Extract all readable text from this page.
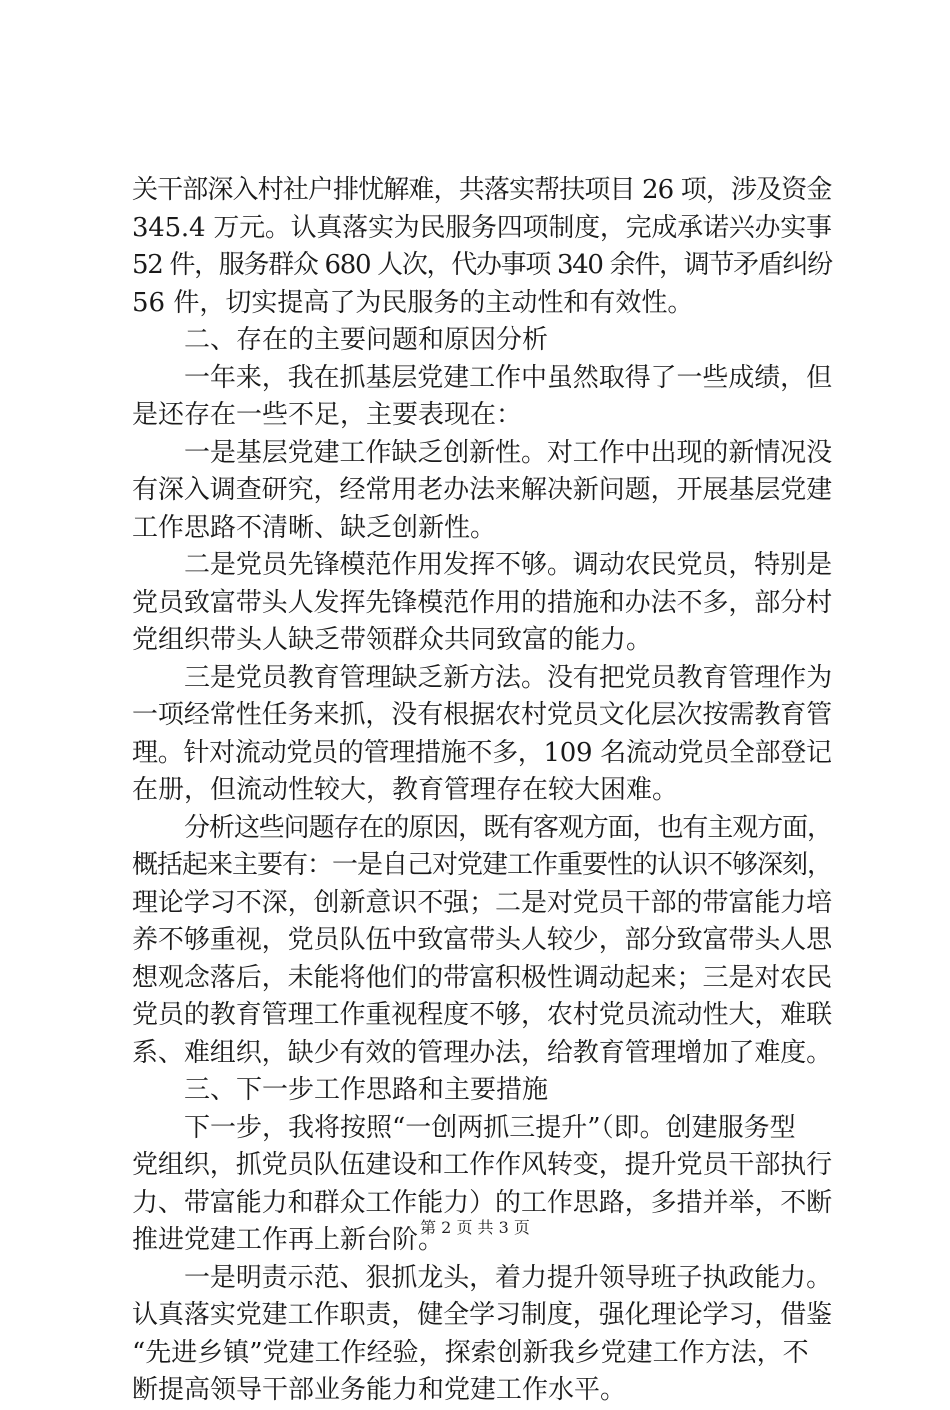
关干部深入村社户排忧解难，共落实帮扶项目 26 项，涉及资金
345.4 万元。认真落实为民服务四项制度，完成承诺兴办实事
52 件，服务群众 680 人次，代办事项 340 余件，调节矛盾纠纷
56 件，切实提高了为民服务的主动性和有效性。
二、存在的主要问题和原因分析
一年来，我在抓基层党建工作中虽然取得了一些成绩，但
是还存在一些不足，主要表现在：
一是基层党建工作缺乏创新性。对工作中出现的新情况没
有深入调查研究，经常用老办法来解决新问题，开展基层党建
工作思路不清晰、缺乏创新性。
二是党员先锋模范作用发挥不够。调动农民党员，特别是
党员致富带头人发挥先锋模范作用的措施和办法不多，部分村
党组织带头人缺乏带领群众共同致富的能力。
三是党员教育管理缺乏新方法。没有把党员教育管理作为
一项经常性任务来抓，没有根据农村党员文化层次按需教育管
理。针对流动党员的管理措施不多，109 名流动党员全部登记
在册，但流动性较大，教育管理存在较大困难。
分析这些问题存在的原因，既有客观方面，也有主观方面，
概括起来主要有：一是自己对党建工作重要性的认识不够深刻，
理论学习不深，创新意识不强；二是对党员干部的带富能力培
养不够重视，党员队伍中致富带头人较少，部分致富带头人思
想观念落后，未能将他们的带富积极性调动起来；三是对农民
党员的教育管理工作重视程度不够，农村党员流动性大，难联
系、难组织，缺少有效的管理办法，给教育管理增加了难度。
三、下一步工作思路和主要措施
下一步，我将按照“一创两抓三提升”（即。创建服务型
党组织，抓党员队伍建设和工作作风转变，提升党员干部执行
力、带富能力和群众工作能力）的工作思路，多措并举，不断
推进党建工作再上新台阶。
一是明责示范、狠抓龙头，着力提升领导班子执政能力。
认真落实党建工作职责，健全学习制度，强化理论学习，借鉴
“先进乡镇”党建工作经验，探索创新我乡党建工作方法，不
断提高领导干部业务能力和党建工作水平。
第 2 页 共 3 页
